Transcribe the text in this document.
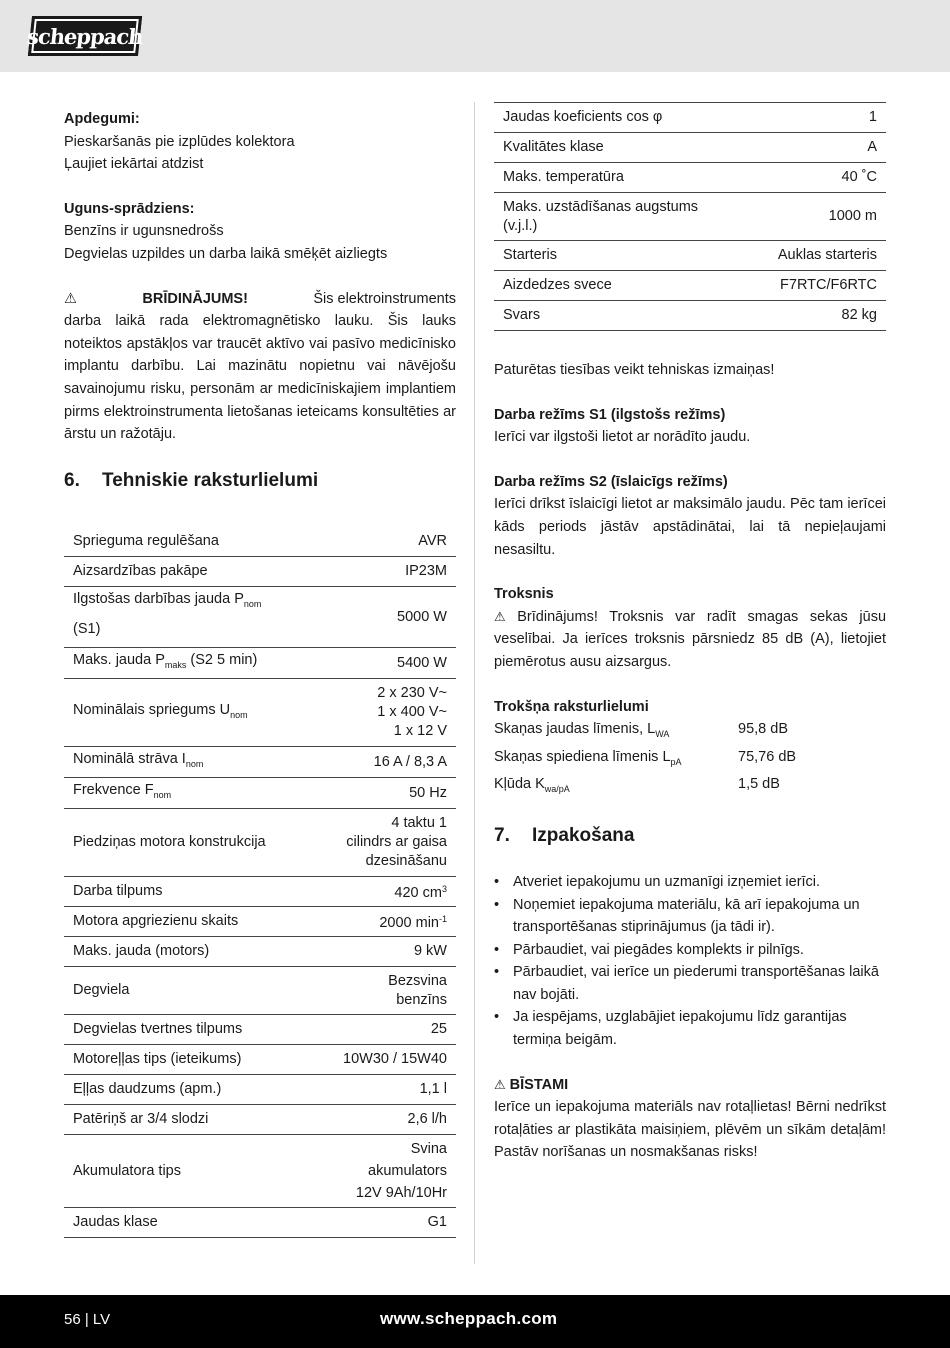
scheppach

Apdegumi:

Pieskaršanās pie izplūdes kolektora

Ļaujiet iekārtai atdzist

Uguns-sprādziens:

Benzīns ir ugunsnedrošs

Degvielas uzpildes un darba laikā smēķēt aizliegts

⚠	BRĪDINĀJUMS!	Šis elektroinstruments

darba laikā rada elektromagnētisko lauku. Šis lauks noteiktos apstākļos var traucēt aktīvo vai pasīvo medicīnisko implantu darbību. Lai mazinātu nopietnu vai nāvējošu savainojumu risku, personām ar medicīniskajiem implantiem pirms elektroinstrumenta lietošanas ieteicams konsultēties ar ārstu un ražotāju.

6. Tehniskie raksturlielumi

Sprieguma regulēšana	AVR
Aizsardzības pakāpe	IP23M
Ilgstošas darbības jauda $P_{nom}$
(S1)	5000 W
Maks. jauda $P_{maks}$ (S2 5 min)	5400 W
Nominālais spriegums $U_{nom}$	2 x 230 V~
1 x 400 V~
1 x 12 V

Nominālā strāva $I_{nom}$	16 A / 8,3 A
Frekvence $F_{nom}$	50 Hz
Piedziņas motora konstrukcija	4 taktu 1
cilindrs ar gaisa
dzesināšanu

Darba tilpums	420 $cm^3$
Motora apgriezienu skaits	2000 $\min^{-1}$
Maks. jauda (motors)	9 kW
Degviela	Bezsvina
benzīns

Degvielas tvertnes tilpums	25
Motoreļļas tips (ieteikums)	10W30 / 15W40
Eļļas daudzums (apm.)	1,1 l
Patēriņš ar 3/4 slodzi	2,6 l/h
Akumulatora tips	Svina
akumulators
12V 9Ah/10Hr

Jaudas klase	G1
Jaudas koeficients cos φ	1
Kvalitātes klase	A
Maks. temperatūra	40 ˚C

Maks. uzstādīšanas augstums
(v.j.l.)	1000 m
Starteris	Auklas starteris
Aizdedzes svece	F7RTC/F6RTC
Svars	82 kg

Paturētas tiesības veikt tehniskas izmaiņas!

Darba režīms S1 (ilgstošs režīms)

Ierīci var ilgstoši lietot ar norādīto jaudu.

Darba režīms S2 (īslaicīgs režīms)

Ierīci drīkst īslaicīgi lietot ar maksimālo jaudu. Pēc tam ierīcei kāds periods jāstāv apstādinātai, lai tā nepieļaujami nesasiltu.

Troksnis

⚠ Brīdinājums! Troksnis var radīt smagas sekas jūsu veselībai. Ja ierīces troksnis pārsniedz 85 dB (A), lietojiet piemērotus ausu aizsargus.

Trokšņa raksturlielumi

Skaņas jaudas līmenis, $L_{WA}$	95,8 dB
Skaņas spiediena līmenis $L_{pA}$	75,76 dB
Kļūda $K_{wa/pA}$	1,5 dB

7. Izpakošana

• Atveriet iepakojumu un uzmanīgi izņemiet ierīci.
• Noņemiet iepakojuma materiālu, kā arī iepakojuma un transportēšanas stiprinājumus (ja tādi ir).
• Pārbaudiet, vai piegādes komplekts ir pilnīgs.
• Pārbaudiet, vai ierīce un piederumi transportēšanas laikā nav bojāti.
• Ja iespējams, uzglabājiet iepakojumu līdz garantijas termiņa beigām.

⚠ BĪSTAMI

Ierīce un iepakojuma materiāls nav rotaļlietas! Bērni nedrīkst rotaļāties ar plastikāta maisiņiem, plēvēm un sīkām detaļām! Pastāv norīšanas un nosmakšanas risks!

56 | LV	www.scheppach.com
